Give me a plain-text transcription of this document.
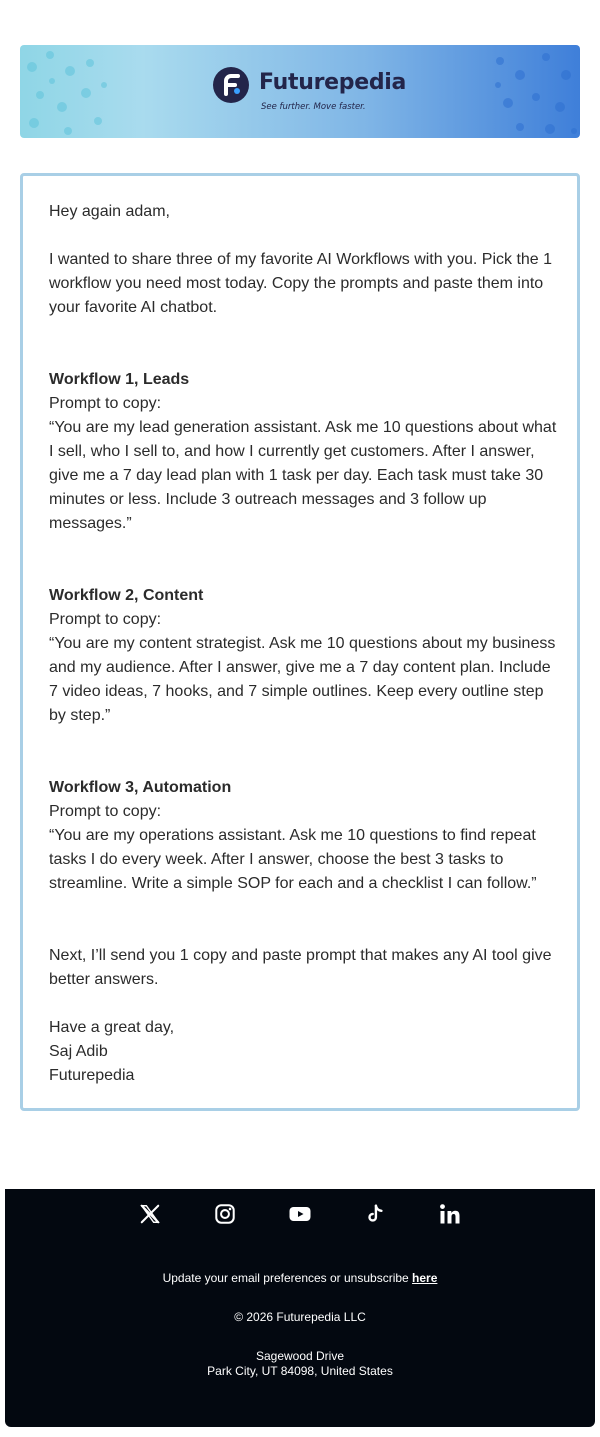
Futurepedia
See further. Move faster.

Hey again adam,

I wanted to share three of my favorite AI Workflows with you. Pick the 1 workflow you need most today. Copy the prompts and paste them into your favorite AI chatbot.

Workflow 1, Leads

Prompt to copy:

“You are my lead generation assistant. Ask me 10 questions about what I sell, who I sell to, and how I currently get customers. After I answer, give me a 7 day lead plan with 1 task per day. Each task must take 30 minutes or less. Include 3 outreach messages and 3 follow up messages.”

Workflow 2, Content

Prompt to copy:

“You are my content strategist. Ask me 10 questions about my business and my audience. After I answer, give me a 7 day content plan. Include 7 video ideas, 7 hooks, and 7 simple outlines. Keep every outline step by step.”

Workflow 3, Automation

Prompt to copy:

“You are my operations assistant. Ask me 10 questions to find repeat tasks I do every week. After I answer, choose the best 3 tasks to streamline. Write a simple SOP for each and a checklist I can follow.”

Next, I’ll send you 1 copy and paste prompt that makes any AI tool give better answers.

Have a great day,

Saj Adib

Futurepedia

Update your email preferences or unsubscribe here

© 2026 Futurepedia LLC

Sagewood Drive

Park City, UT 84098, United States
